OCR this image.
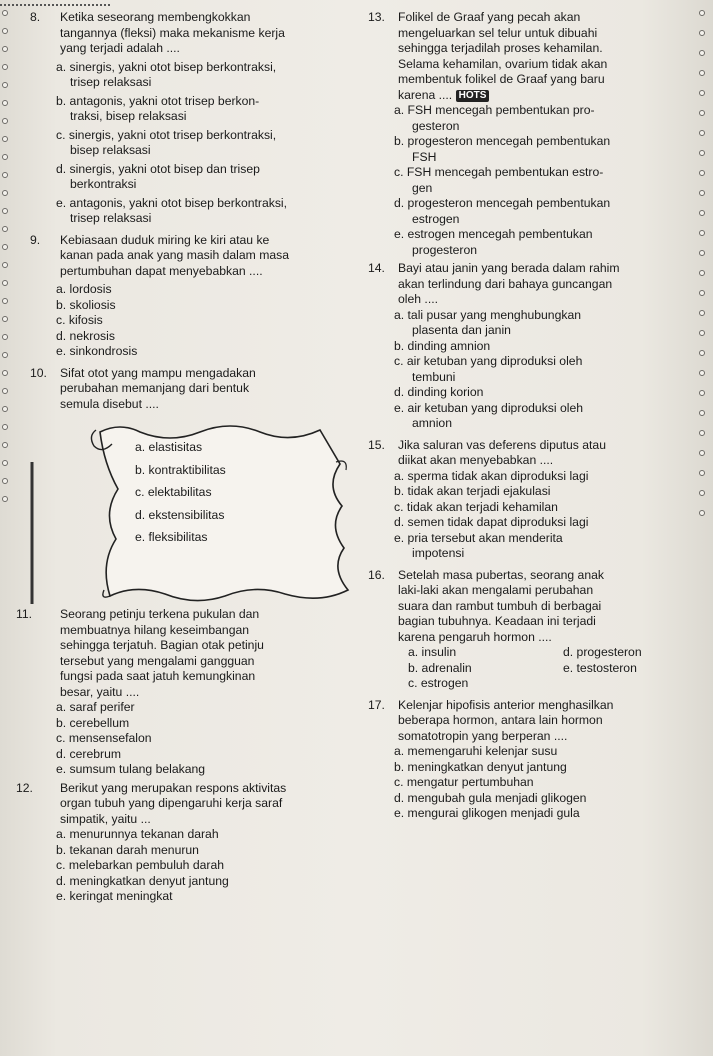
8.	Ketika seseorang membengkokkan
tangannya (fleksi) maka mekanisme kerja
yang terjadi adalah ....
a. sinergis, yakni otot bisep berkontraksi,
trisep relaksasi
b. antagonis, yakni otot trisep berkon-
traksi, bisep relaksasi
c. sinergis, yakni otot trisep berkontraksi,
bisep relaksasi
d. sinergis, yakni otot bisep dan trisep
berkontraksi
e. antagonis, yakni otot bisep berkontraksi,
trisep relaksasi
9.	Kebiasaan duduk miring ke kiri atau ke
kanan pada anak yang masih dalam masa
pertumbuhan dapat menyebabkan ....
a. lordosis
b. skoliosis
c. kifosis
d. nekrosis
e. sinkondrosis
10.	Sifat otot yang mampu mengadakan
perubahan memanjang dari bentuk
semula disebut ....
a. elastisitas
b. kontraktibilitas
c. elektabilitas
d. ekstensibilitas
e. fleksibilitas
11.	Seorang petinju terkena pukulan dan
membuatnya hilang keseimbangan
sehingga terjatuh. Bagian otak petinju
tersebut yang mengalami gangguan
fungsi pada saat jatuh kemungkinan
besar, yaitu ....
a. saraf perifer
b. cerebellum
c. mensensefalon
d. cerebrum
e. sumsum tulang belakang
12.	Berikut yang merupakan respons aktivitas
organ tubuh yang dipengaruhi kerja saraf
simpatik, yaitu ...
a. menurunnya tekanan darah
b. tekanan darah menurun
c. melebarkan pembuluh darah
d. meningkatkan denyut jantung
e. keringat meningkat
13.	Folikel de Graaf yang pecah akan
mengeluarkan sel telur untuk dibuahi
sehingga terjadilah proses kehamilan.
Selama kehamilan, ovarium tidak akan
membentuk folikel de Graaf yang baru
karena .... HOTS
a. FSH mencegah pembentukan pro-
gesteron
b. progesteron mencegah pembentukan
FSH
c. FSH mencegah pembentukan estro-
gen
d. progesteron mencegah pembentukan
estrogen
e. estrogen mencegah pembentukan
progesteron
14.	Bayi atau janin yang berada dalam rahim
akan terlindung dari bahaya guncangan
oleh ....
a. tali pusar yang menghubungkan
plasenta dan janin
b. dinding amnion
c. air ketuban yang diproduksi oleh
tembuni
d. dinding korion
e. air ketuban yang diproduksi oleh
amnion
15.	Jika saluran vas deferens diputus atau
diikat akan menyebabkan ....
a. sperma tidak akan diproduksi lagi
b. tidak akan terjadi ejakulasi
c. tidak akan terjadi kehamilan
d. semen tidak dapat diproduksi lagi
e. pria tersebut akan menderita
impotensi
16.	Setelah masa pubertas, seorang anak
laki-laki akan mengalami perubahan
suara dan rambut tumbuh di berbagai
bagian tubuhnya. Keadaan ini terjadi
karena pengaruh hormon ....
a. insulin	d. progesteron
b. adrenalin	e. testosteron
c. estrogen
17.	Kelenjar hipofisis anterior menghasilkan
beberapa hormon, antara lain hormon
somatotropin yang berperan ....
a. memengaruhi kelenjar susu
b. meningkatkan denyut jantung
c. mengatur pertumbuhan
d. mengubah gula menjadi glikogen
e. mengurai glikogen menjadi gula
